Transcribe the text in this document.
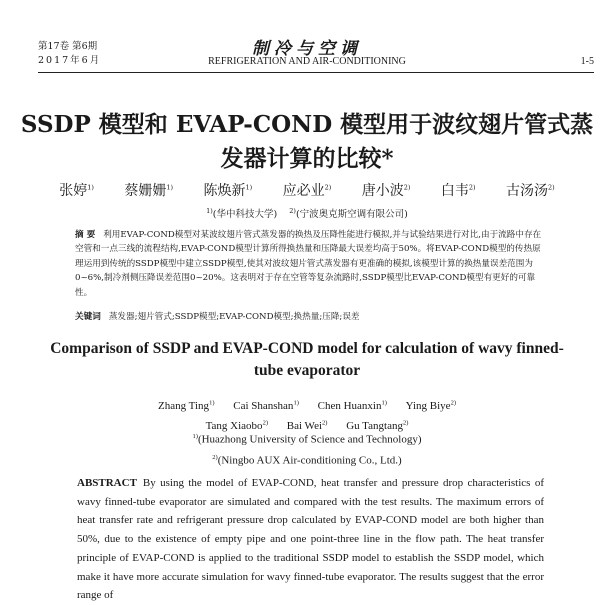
第17卷 第6期
2017年6月
制冷与空调
REFRIGERATION AND AIR-CONDITIONING	1-5
SSDP 模型和 EVAP-COND 模型用于波纹翅片管式蒸发器计算的比较*
张婷$^{1)}$ 蔡姗姗$^{1)}$ 陈焕新$^{1)}$ 应必业$^{2)}$ 唐小波$^{2)}$ 白韦$^{2)}$ 古汤汤$^{2)}$
$^{1)}$(华中科技大学) $^{2)}$(宁波奥克斯空调有限公司)
摘 要 利用EVAP-COND模型对某波纹翅片管式蒸发器的换热及压降性能进行模拟,并与试验结果进行对比,由于流路中存在空管和一点三线的流程结构,EVAP-COND模型计算所得换热量和压降最大误差均高于50%。将EVAP-COND模型的传热原理运用到传统的SSDP模型中建立SSDP模型,使其对波纹翅片管式蒸发器有更准确的模拟,该模型计算的换热量误差范围为0~6%,制冷剂侧压降误差范围0~20%。这表明对于存在空管等复杂流路时,SSDP模型比EVAP-COND模型有更好的可靠性。
关键词 蒸发器;翅片管式;SSDP模型;EVAP-COND模型;换热量;压降;误差
Comparison of SSDP and EVAP-COND model for calculation of wavy finned-tube evaporator
Zhang Ting$^{1)}$ Cai Shanshan$^{1)}$ Chen Huanxin$^{1)}$ Ying Biye$^{2)}$
Tang Xiaobo$^{2)}$ Bai Wei$^{2)}$ Gu Tangtang$^{2)}$
$^{1)}$(Huazhong University of Science and Technology)
$^{2)}$(Ningbo AUX Air-conditioning Co., Ltd.)
ABSTRACT By using the model of EVAP-COND, heat transfer and pressure drop characteristics of wavy finned-tube evaporator are simulated and compared with the test results. The maximum errors of heat transfer rate and refrigerant pressure drop calculated by EVAP-COND model are both higher than 50%, due to the existence of empty pipe and one point-three line in the flow path. The heat transfer principle of EVAP-COND is applied to the traditional SSDP model to establish the SSDP model, which make it have more accurate simulation for wavy finned-tube evaporator. The results suggest that the error range of
